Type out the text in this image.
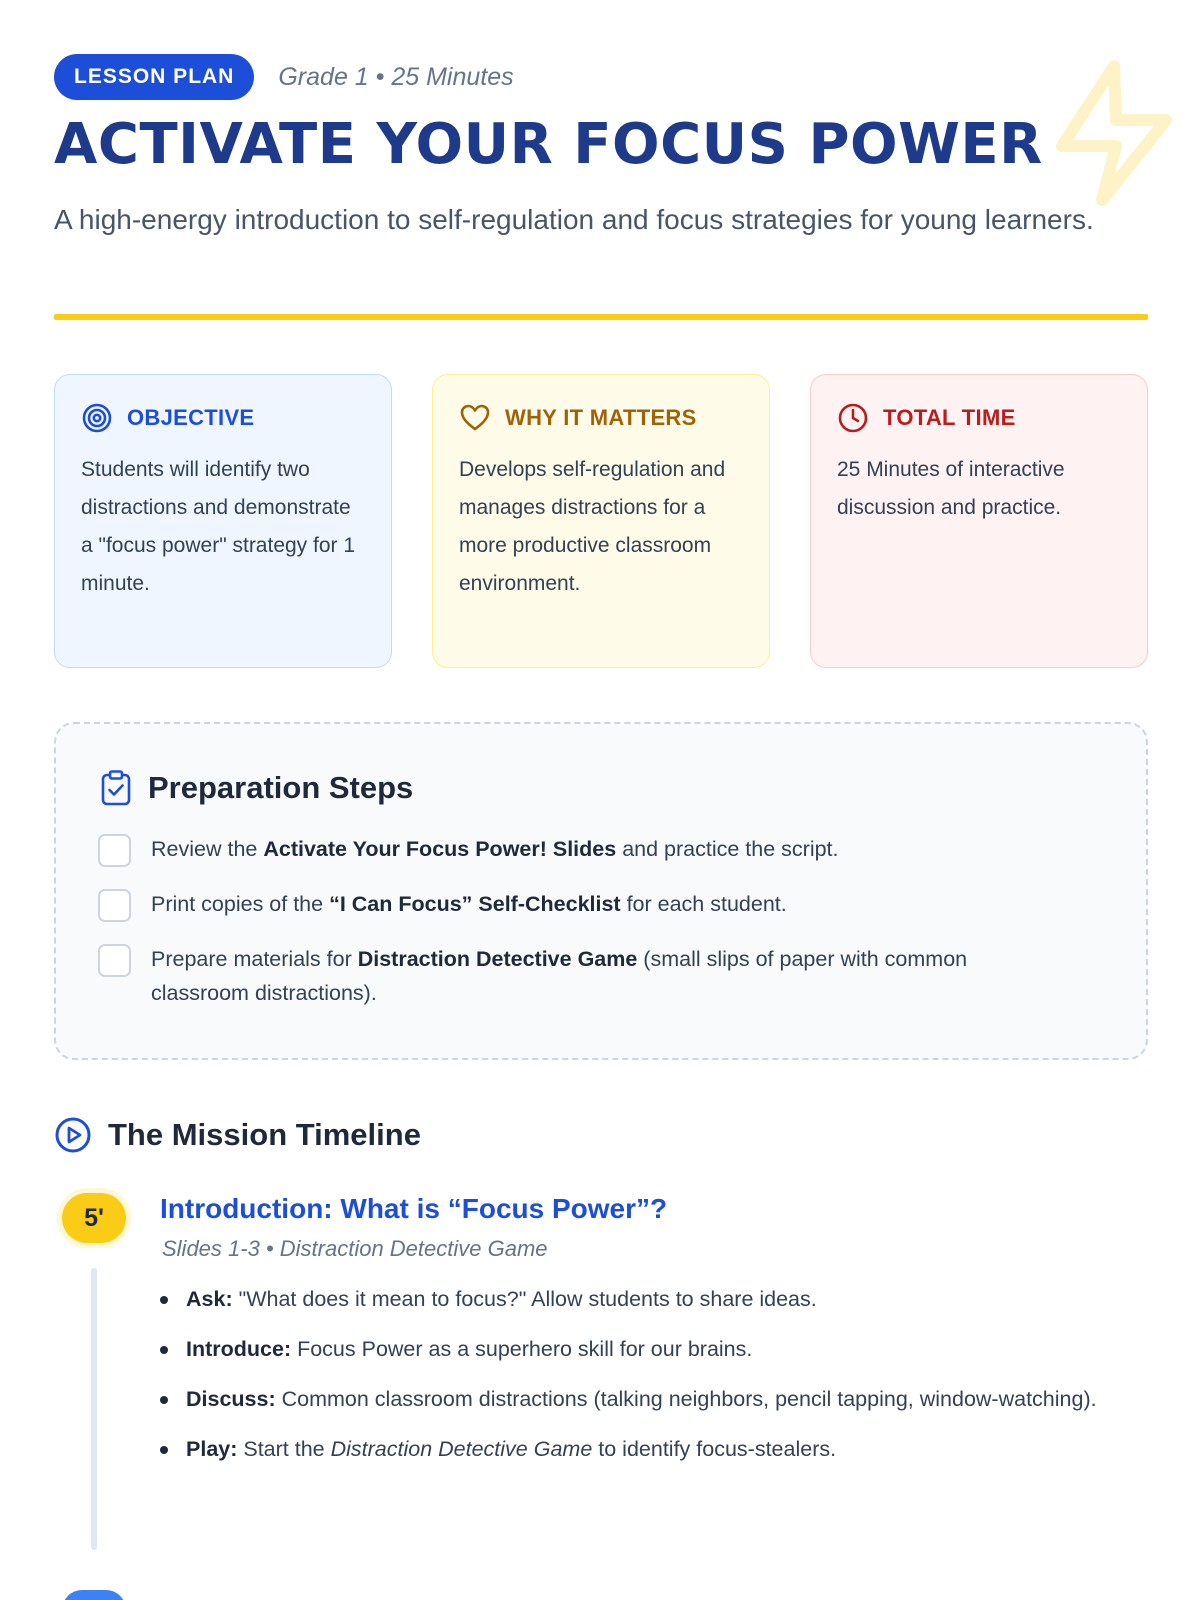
LESSON PLAN	Grade 1 • 25 Minutes
ACTIVATE YOUR FOCUS POWER

A high-energy introduction to self-regulation and focus strategies for young learners.

OBJECTIVE

Students will identify two distractions and demonstrate a "focus power" strategy for 1 minute.

WHY IT MATTERS

Develops self-regulation and manages distractions for a more productive classroom environment.

TOTAL TIME

25 Minutes of interactive discussion and practice.

Preparation Steps

Review the Activate Your Focus Power! Slides and practice the script.

Print copies of the “I Can Focus” Self-Checklist for each student.

Prepare materials for Distraction Detective Game (small slips of paper with common classroom distractions).

The Mission Timeline
5'	Introduction: What is “Focus Power”?

Slides 1-3 • Distraction Detective Game

Ask: "What does it mean to focus?" Allow students to share ideas.
Introduce: Focus Power as a superhero skill for our brains.
Discuss: Common classroom distractions (talking neighbors, pencil tapping, window-watching).
Play: Start the Distraction Detective Game to identify focus-stealers.
